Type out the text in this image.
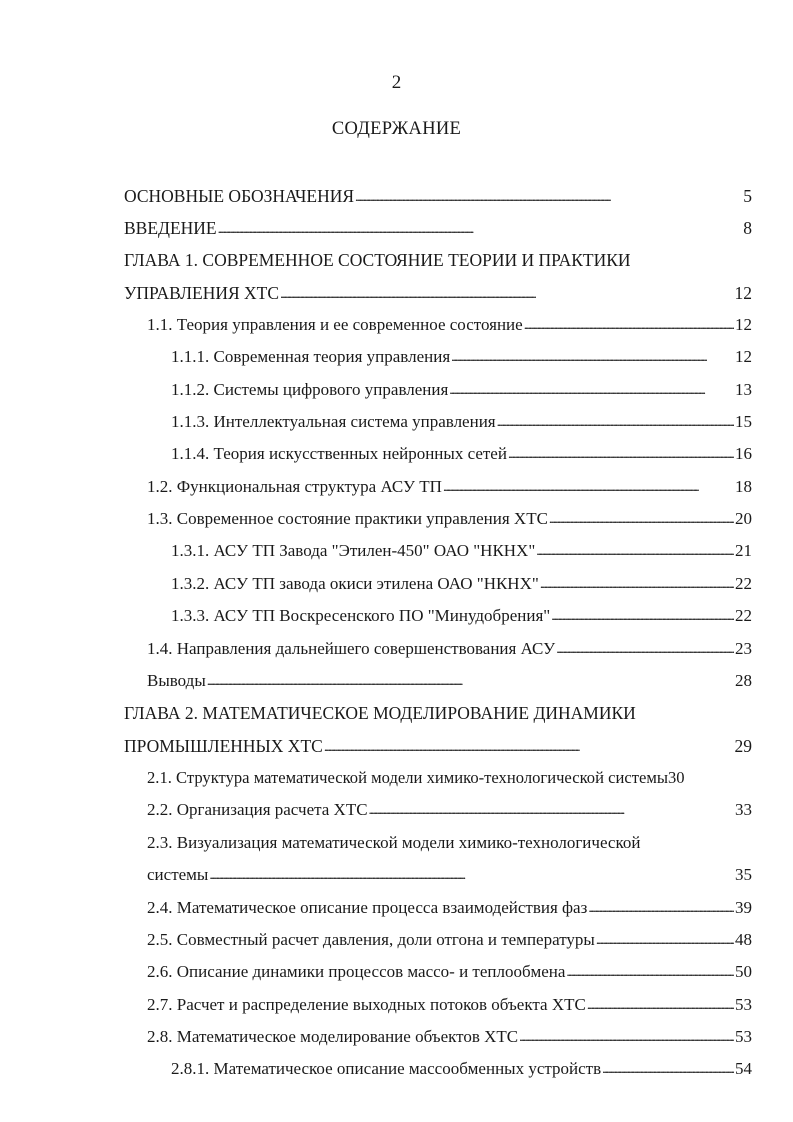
2
СОДЕРЖАНИЕ
ОСНОВНЫЕ ОБОЗНАЧЕНИЯ . . .	5
ВВЕДЕНИЕ . . .	8
ГЛАВА 1. СОВРЕМЕННОЕ СОСТОЯНИЕ ТЕОРИИ И ПРАКТИКИ
УПРАВЛЕНИЯ ХТС . . .	12
1.1. Теория управления и ее современное состояние . . .	12
1.1.1. Современная теория управления . . .	12
1.1.2. Системы цифрового управления . . .	13
1.1.3. Интеллектуальная система управления . . .	15
1.1.4. Теория искусственных нейронных сетей . . .	16
1.2. Функциональная структура АСУ ТП . . .	18
1.3. Современное состояние практики управления ХТС . . .	20
1.3.1. АСУ ТП Завода "Этилен-450" ОАО "НКНХ" . . .	21
1.3.2. АСУ ТП завода окиси этилена ОАО "НКНХ" . . .	22
1.3.3. АСУ ТП Воскресенского ПО "Минудобрения" . . .	22
1.4. Направления дальнейшего совершенствования АСУ . . .	23
Выводы . . .	28
ГЛАВА 2. МАТЕМАТИЧЕСКОЕ МОДЕЛИРОВАНИЕ ДИНАМИКИ
ПРОМЫШЛЕННЫХ ХТС . . .	29
2.1. Структура математической модели химико-технологической системы 30
2.2. Организация расчета ХТС . . .	33
2.3. Визуализация математической модели химико-технологической
системы . . .	35
2.4. Математическое описание процесса взаимодействия фаз . . .	39
2.5. Совместный расчет давления, доли отгона и температуры . . .	48
2.6. Описание динамики процессов массо- и теплообмена . . .	50
2.7. Расчет и распределение выходных потоков объекта ХТС . . .	53
2.8. Математическое моделирование объектов ХТС . . .	53
2.8.1. Математическое описание массообменных устройств . . .	54
